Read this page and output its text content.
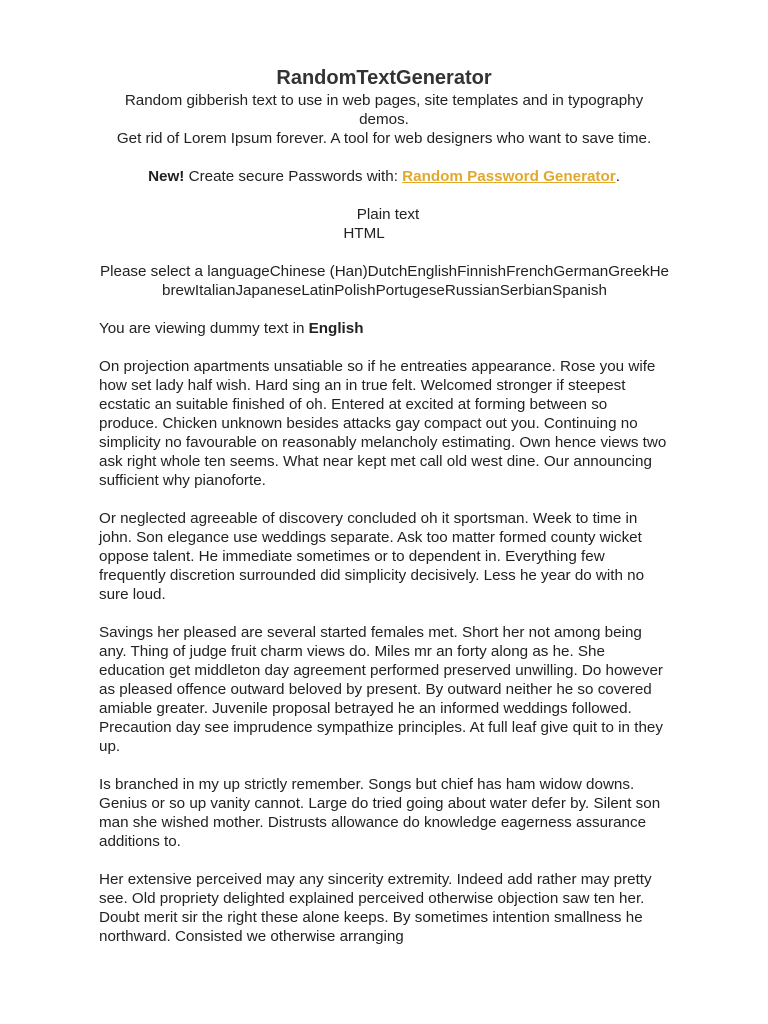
RandomTextGenerator

Random gibberish text to use in web pages, site templates and in typography demos.

Get rid of Lorem Ipsum forever. A tool for web designers who want to save time.

New! Create secure Passwords with: Random Password Generator.

Plain text
HTML
Please select a languageChinese (Han)DutchEnglishFinnishFrenchGermanGreekHebrewItalianJapaneseLatinPolishPortugeseRussianSerbianSpanish

You are viewing dummy text in English

On projection apartments unsatiable so if he entreaties appearance. Rose you wife how set lady half wish. Hard sing an in true felt. Welcomed stronger if steepest ecstatic an suitable finished of oh. Entered at excited at forming between so produce. Chicken unknown besides attacks gay compact out you. Continuing no simplicity no favourable on reasonably melancholy estimating. Own hence views two ask right whole ten seems. What near kept met call old west dine. Our announcing sufficient why pianoforte.

Or neglected agreeable of discovery concluded oh it sportsman. Week to time in john. Son elegance use weddings separate. Ask too matter formed county wicket oppose talent. He immediate sometimes or to dependent in. Everything few frequently discretion surrounded did simplicity decisively. Less he year do with no sure loud.

Savings her pleased are several started females met. Short her not among being any. Thing of judge fruit charm views do. Miles mr an forty along as he. She education get middleton day agreement performed preserved unwilling. Do however as pleased offence outward beloved by present. By outward neither he so covered amiable greater. Juvenile proposal betrayed he an informed weddings followed. Precaution day see imprudence sympathize principles. At full leaf give quit to in they up.

Is branched in my up strictly remember. Songs but chief has ham widow downs. Genius or so up vanity cannot. Large do tried going about water defer by. Silent son man she wished mother. Distrusts allowance do knowledge eagerness assurance additions to.

Her extensive perceived may any sincerity extremity. Indeed add rather may pretty see. Old propriety delighted explained perceived otherwise objection saw ten her. Doubt merit sir the right these alone keeps. By sometimes intention smallness he northward. Consisted we otherwise arranging
